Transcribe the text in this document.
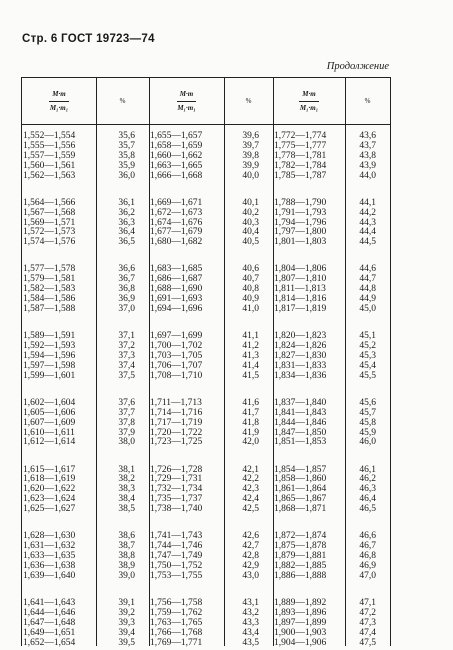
Стр. 6 ГОСТ 19723—74
Продолжение
$\frac{M\cdot m}{\text{M₁·m₁}}$	%	$\frac{M\cdot m}{\text{M₁·m₁}}$	%	$\frac{M\cdot m}{\text{M₁·m₁}}$	%
1,552—1,554	35,6 1,655—1,657	39,6 1,772—1,774	43,6
1,555—1,556	35,7 1,658—1,659	39,7 1,775—1,777	43,7
1,557—1,559	35,8 1,660—1,662	39,8 1,778—1,781	43,8
1,560—1,561	35,9 1,663—1,665	39,9 1,782—1,784	43,9
1,562—1,563	36,0 1,666—1,668	40,0 1,785—1,787	44,0
1,564—1,566	36,1 1,669—1,671	40,1 1,788—1,790	44,1
1,567—1,568	36,2 1,672—1,673	40,2 1,791—1,793	44,2
1,569—1,571	36,3 1,674—1,676	40,3 1,794—1,796	44,3
1,572—1,573	36,4 1,677—1,679	40,4 1,797—1,800	44,4
1,574—1,576	36,5 1,680—1,682	40,5 1,801—1,803	44,5
1,577—1,578	36,6 1,683—1,685	40,6 1,804—1,806	44,6
1,579—1,581	36,7 1,686—1,687	40,7 1,807—1,810	44,7
1,582—1,583	36,8 1,688—1,690	40,8 1,811—1,813	44,8
1,584—1,586	36,9 1,691—1,693	40,9 1,814—1,816	44,9
1,587—1,588	37,0 1,694—1,696	41,0 1,817—1,819	45,0
1,589—1,591	37,1 1,697—1,699	41,1 1,820—1,823	45,1
1,592—1,593	37,2 1,700—1,702	41,2 1,824—1,826	45,2
1,594—1,596	37,3 1,703—1,705	41,3 1,827—1,830	45,3
1,597—1,598	37,4 1,706—1,707	41,4 1,831—1,833	45,4
1,599—1,601	37,5 1,708—1,710	41,5 1,834—1,836	45,5
1,602—1,604	37,6 1,711—1,713	41,6 1,837—1,840	45,6
1,605—1,606	37,7 1,714—1,716	41,7 1,841—1,843	45,7
1,607—1,609	37,8 1,717—1,719	41,8 1,844—1,846	45,8
1,610—1,611	37,9 1,720—1,722	41,9 1,847—1,850	45,9
1,612—1,614	38,0 1,723—1,725	42,0 1,851—1,853	46,0
1,615—1,617	38,1 1,726—1,728	42,1 1,854—1,857	46,1
1,618—1,619	38,2 1,729—1,731	42,2 1,858—1,860	46,2
1,620—1,622	38,3 1,732—1,734	42,3 1,861—1,864	46,3
1,623—1,624	38,4 1,735—1,737	42,4 1,865—1,867	46,4
1,625—1,627	38,5 1,738—1,740	42,5 1,868—1,871	46,5
1,628—1,630	38,6 1,741—1,743	42,6 1,872—1,874	46,6
1,631—1,632	38,7 1,744—1,746	42,7 1,875—1,878	46,7
1,633—1,635	38,8 1,747—1,749	42,8 1,879—1,881	46,8
1,636—1,638	38,9 1,750—1,752	42,9 1,882—1,885	46,9
1,639—1,640	39,0 1,753—1,755	43,0 1,886—1,888	47,0
1,641—1,643	39,1 1,756—1,758	43,1 1,889—1,892	47,1
1,644—1,646	39,2 1,759—1,762	43,2 1,893—1,896	47,2
1,647—1,648	39,3 1,763—1,765	43,3 1,897—1,899	47,3
1,649—1,651	39,4 1,766—1,768	43,4 1,900—1,903	47,4
1,652—1,654	39,5 1,769—1,771	43,5 1,904—1,906	47,5
